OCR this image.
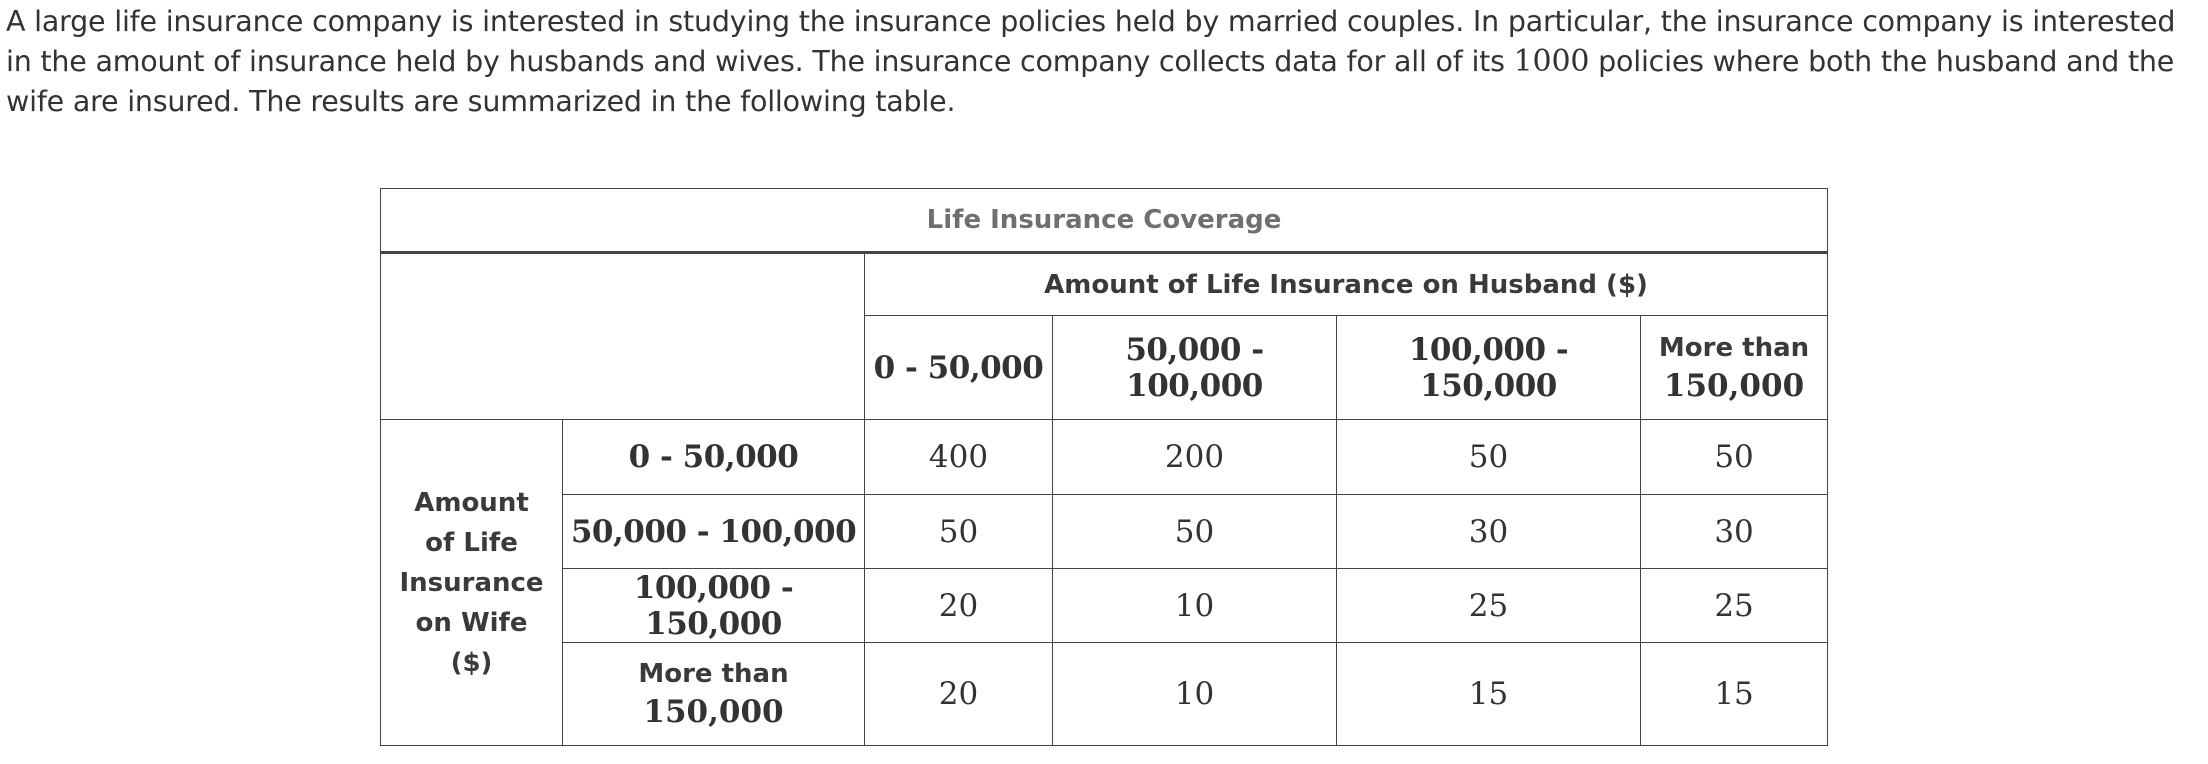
A large life insurance company is interested in studying the insurance policies held by married couples. In particular, the insurance company is interested in the amount of insurance held by husbands and wives. The insurance company collects data for all of its 1000 policies where both the husband and the wife are insured. The results are summarized in the following table.

Life Insurance Coverage					
		Amount of Life Insurance on Husband ($)			
		0 - 50,000	50,000 - 100,000	100,000 - 150,000	More than
150,000

Amount
of Life
Insurance
on Wife
($)	0 - 50,000	400	200	50	50
	50,000 - 100,000	50	50	30	30
	100,000 - 150,000	20	10	25	25

	More than
150,000	20	10	15	15
